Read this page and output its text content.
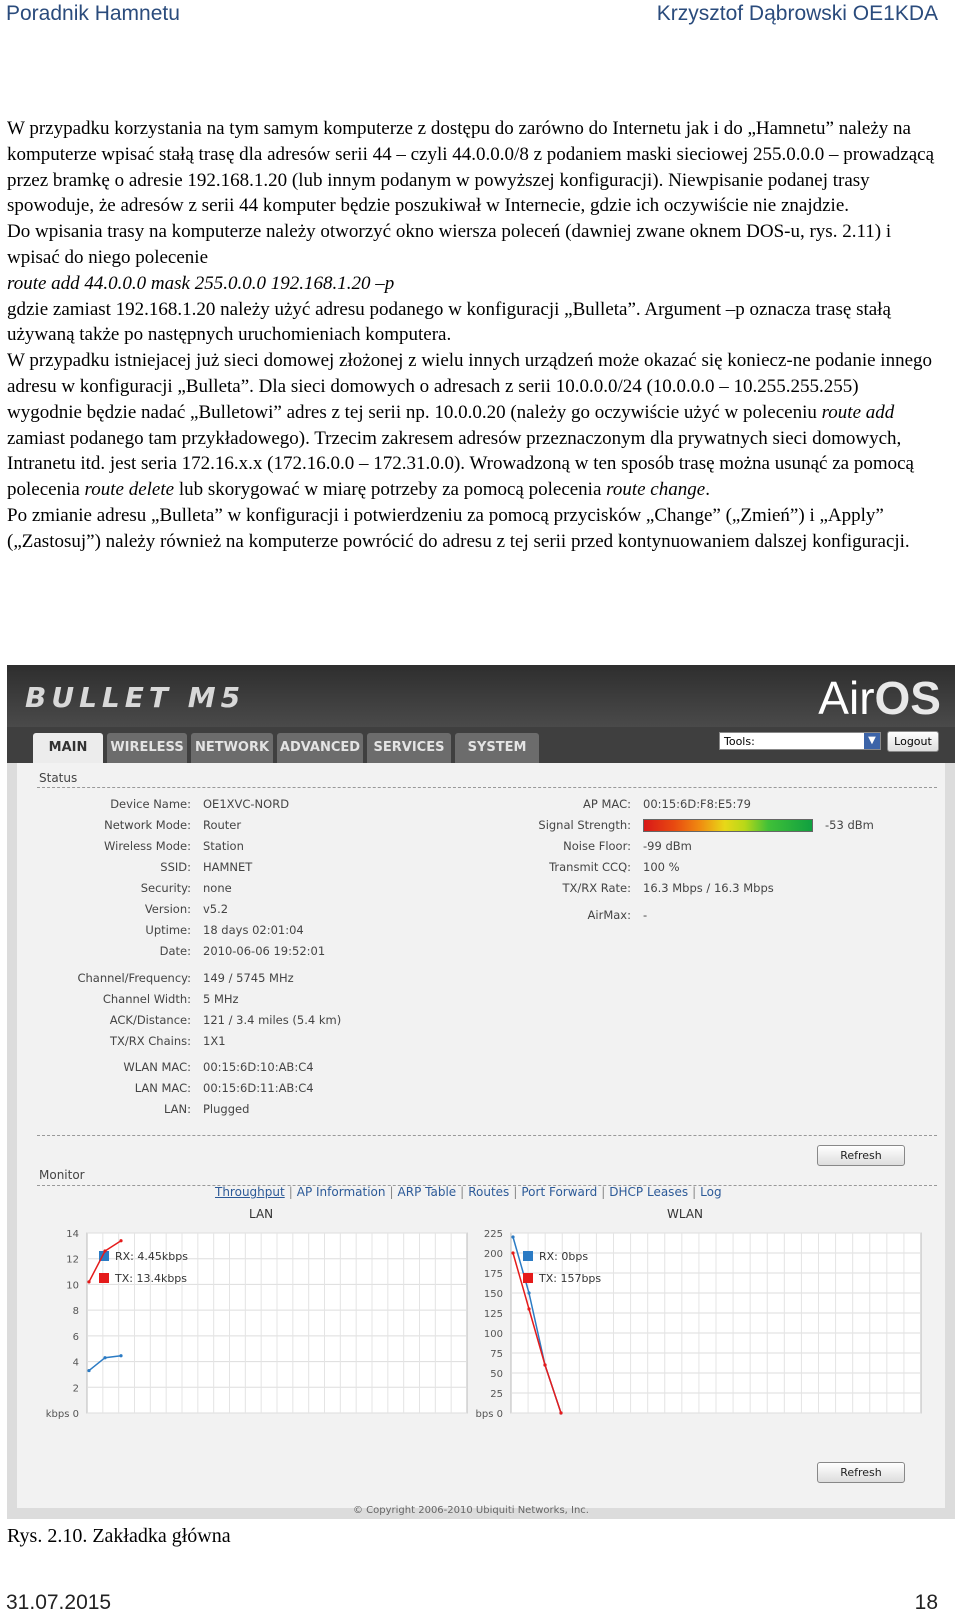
Poradnik Hamnetu	Krzysztof Dąbrowski OE1KDA

W przypadku korzystania na tym samym komputerze z dostępu do zarówno do Internetu jak i do „Hamnetu” należy na komputerze wpisać stałą trasę dla adresów serii 44 – czyli 44.0.0.0/8 z podaniem maski sieciowej 255.0.0.0 – prowadzącą przez bramkę o adresie 192.168.1.20 (lub innym podanym w powyższej konfiguracji). Niewpisanie podanej trasy spowoduje, że adresów z serii 44 komputer będzie poszukiwał w Internecie, gdzie ich oczywiście nie znajdzie.

Do wpisania trasy na komputerze należy otworzyć okno wiersza poleceń (dawniej zwane oknem DOS-u, rys. 2.11) i wpisać do niego polecenie

route add 44.0.0.0 mask 255.0.0.0 192.168.1.20 –p

gdzie zamiast 192.168.1.20 należy użyć adresu podanego w konfiguracji „Bulleta”. Argument –p oznacza trasę stałą używaną także po następnych uruchomieniach komputera.

W przypadku istniejacej już sieci domowej złożonej z wielu innych urządzeń może okazać się koniecz-ne podanie innego adresu w konfiguracji „Bulleta”. Dla sieci domowych o adresach z serii 10.0.0.0/24 (10.0.0.0 – 10.255.255.255) wygodnie będzie nadać „Bulletowi” adres z tej serii np. 10.0.0.20 (należy go oczywiście użyć w poleceniu route add zamiast podanego tam przykładowego). Trzecim zakresem adresów przeznaczonym dla prywatnych sieci domowych, Intranetu itd. jest seria 172.16.x.x (172.16.0.0 – 172.31.0.0). Wrowadzoną w ten sposób trasę można usunąć za pomocą polecenia route delete lub skorygować w miarę potrzeby za pomocą polecenia route change.

Po zmianie adresu „Bulleta” w konfiguracji i potwierdzeniu za pomocą przycisków „Change” („Zmień”) i „Apply” („Zastosuj”) należy również na komputerze powrócić do adresu z tej serii przed kontynuowaniem dalszej konfiguracji.

BULLET M5	AirOS
MAIN	WIRELESS NETWORK ADVANCED	SERVICES	SYSTEM	Tools:	▼	Logout
Status
Device Name: OE1XVC-NORD
Network Mode: Router
Wireless Mode: Station
SSID: HAMNET
Security: none
Version: v5.2
Uptime: 18 days 02:01:04
Date: 2010-06-06 19:52:01
Channel/Frequency: 149 / 5745 MHz
Channel Width: 5 MHz
ACK/Distance: 121 / 3.4 miles (5.4 km)
TX/RX Chains: 1X1
WLAN MAC: 00:15:6D:10:AB:C4
LAN MAC: 00:15:6D:11:AB:C4
LAN: Plugged
AP MAC: 00:15:6D:F8:E5:79
Signal Strength:	-53 dBm
Noise Floor: -99 dBm
Transmit CCQ: 100 %
TX/RX Rate: 16.3 Mbps / 16.3 Mbps
AirMax: -
Refresh
Monitor
Throughput | AP Information | ARP Table | Routes | Port Forward | DHCP Leases | Log
LAN	WLAN
14
12
10
8
6
4
2
kbps 0
RX: 4.45kbps
TX: 13.4kbps
225
200
175
150
125
100
75
50
25
bps 0
RX: 0bps
TX: 157bps
Refresh
© Copyright 2006-2010 Ubiquiti Networks, Inc.
Rys. 2.10. Zakładka główna
31.07.2015	18
